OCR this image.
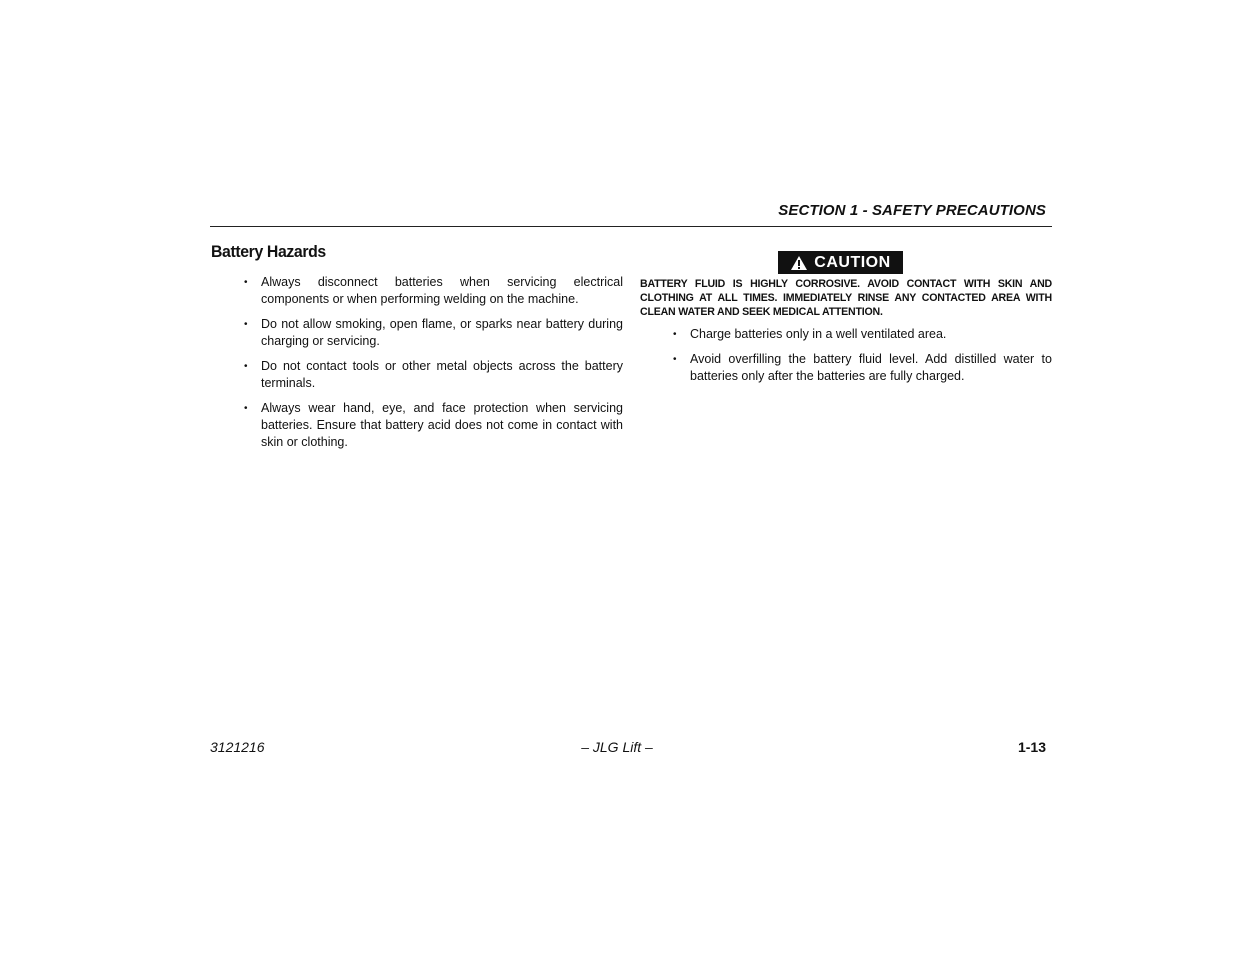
SECTION 1 - SAFETY PRECAUTIONS
Battery Hazards
• Always disconnect batteries when servicing electrical components or when performing welding on the machine.
• Do not allow smoking, open flame, or sparks near battery during charging or servicing.
• Do not contact tools or other metal objects across the battery terminals.
• Always wear hand, eye, and face protection when servicing batteries. Ensure that battery acid does not come in contact with skin or clothing.
CAUTION
BATTERY FLUID IS HIGHLY CORROSIVE. AVOID CONTACT WITH SKIN AND CLOTHING AT ALL TIMES. IMMEDIATELY RINSE ANY CONTACTED AREA WITH CLEAN WATER AND SEEK MEDICAL ATTENTION.
• Charge batteries only in a well ventilated area.
• Avoid overfilling the battery fluid level. Add distilled water to batteries only after the batteries are fully charged.
3121216	– JLG Lift –	1-13
